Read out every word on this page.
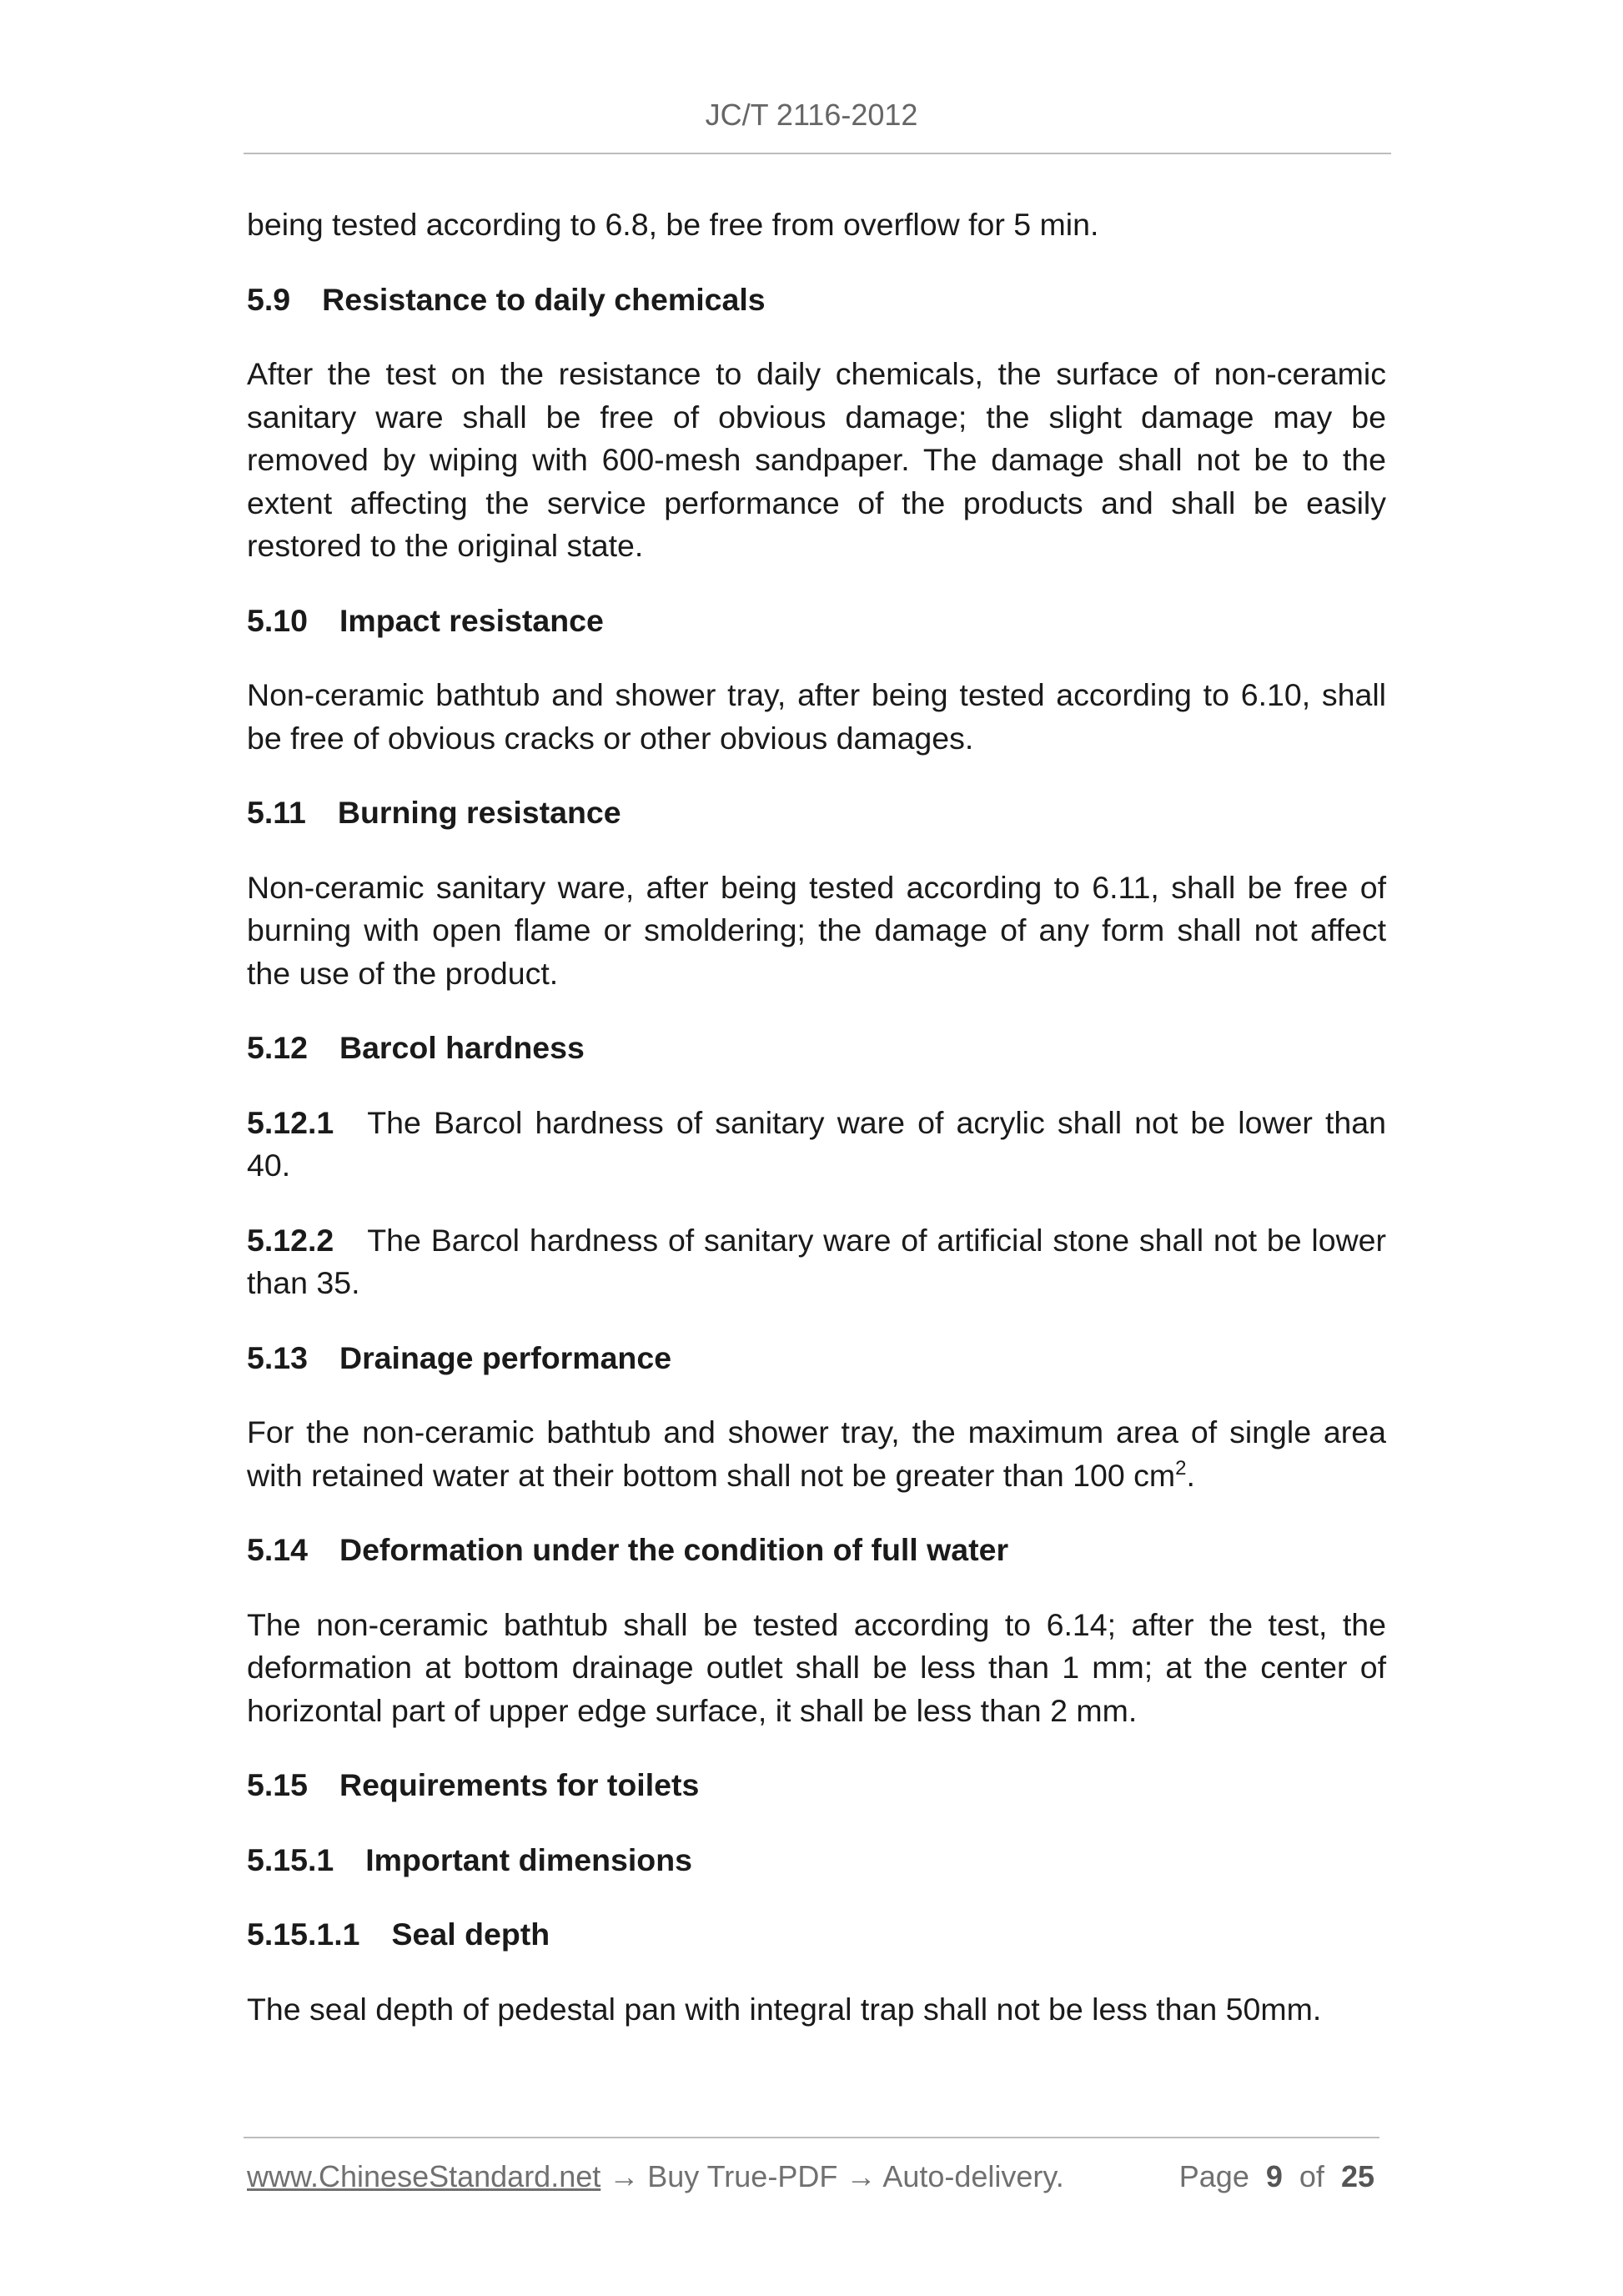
JC/T 2116-2012

being tested according to 6.8, be free from overflow for 5 min.

5.9 Resistance to daily chemicals

After the test on the resistance to daily chemicals, the surface of non-ceramic sanitary ware shall be free of obvious damage; the slight damage may be removed by wiping with 600-mesh sandpaper. The damage shall not be to the extent affecting the service performance of the products and shall be easily restored to the original state.

5.10 Impact resistance

Non-ceramic bathtub and shower tray, after being tested according to 6.10, shall be free of obvious cracks or other obvious damages.

5.11 Burning resistance

Non-ceramic sanitary ware, after being tested according to 6.11, shall be free of burning with open flame or smoldering; the damage of any form shall not affect the use of the product.

5.12 Barcol hardness

5.12.1 The Barcol hardness of sanitary ware of acrylic shall not be lower than 40.

5.12.2 The Barcol hardness of sanitary ware of artificial stone shall not be lower than 35.

5.13 Drainage performance

For the non-ceramic bathtub and shower tray, the maximum area of single area with retained water at their bottom shall not be greater than 100 $cm^2$.

5.14 Deformation under the condition of full water

The non-ceramic bathtub shall be tested according to 6.14; after the test, the deformation at bottom drainage outlet shall be less than 1 mm; at the center of horizontal part of upper edge surface, it shall be less than 2 mm.

5.15 Requirements for toilets
5.15.1 Important dimensions
5.15.1.1 Seal depth

The seal depth of pedestal pan with integral trap shall not be less than 50mm.

www.ChineseStandard.net → Buy True-PDF → Auto-delivery.	Page 9 of 25
